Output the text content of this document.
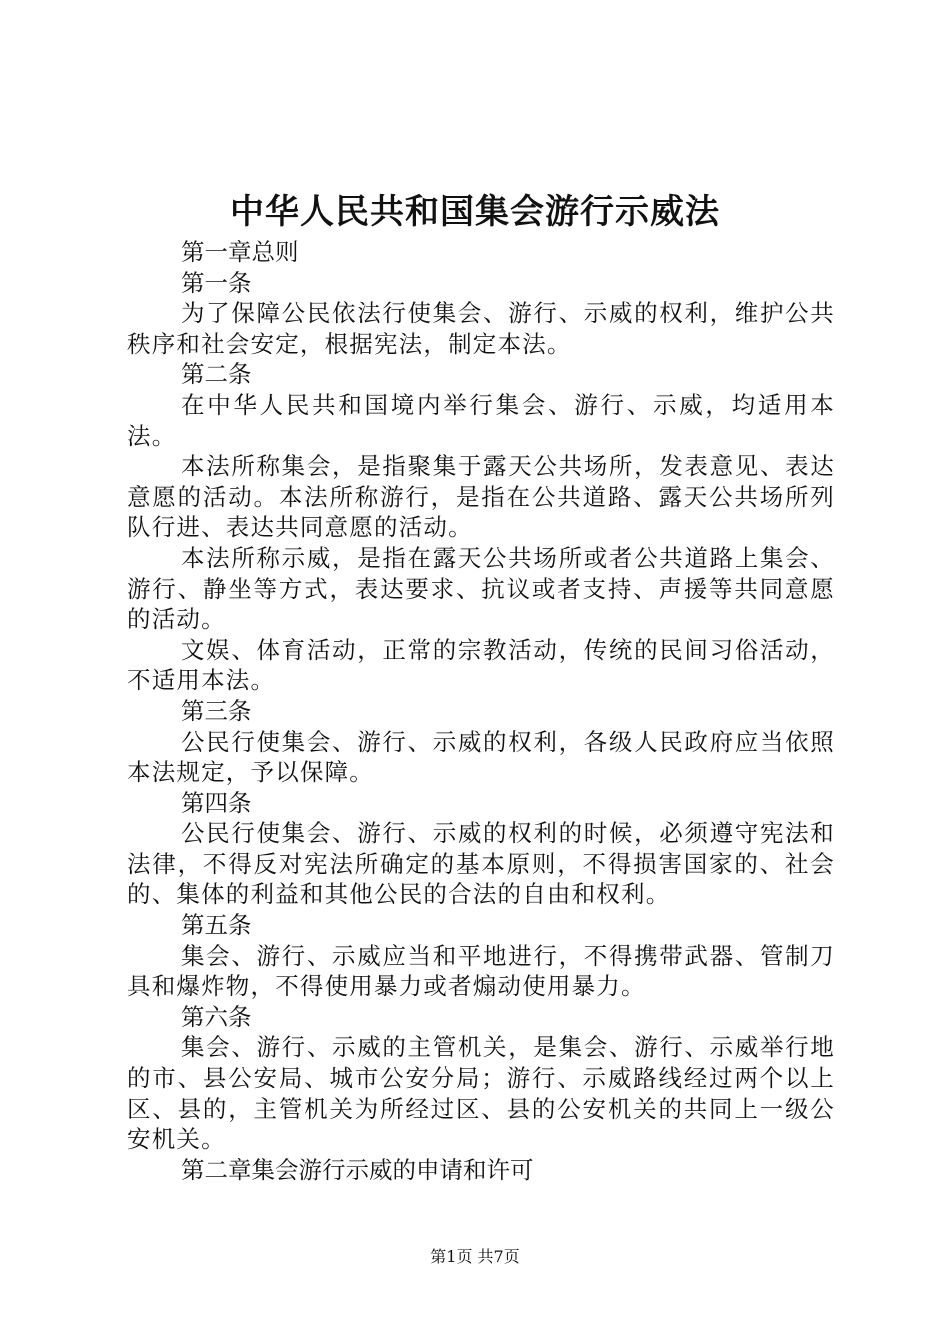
中华人民共和国集会游行示威法

第一章总则

第一条

为了保障公民依法行使集会、游行、示威的权利，维护公共秩序和社会安定，根据宪法，制定本法。

第二条

在中华人民共和国境内举行集会、游行、示威，均适用本法。

本法所称集会，是指聚集于露天公共场所，发表意见、表达意愿的活动。本法所称游行，是指在公共道路、露天公共场所列队行进、表达共同意愿的活动。

本法所称示威，是指在露天公共场所或者公共道路上集会、游行、静坐等方式，表达要求、抗议或者支持、声援等共同意愿的活动。

文娱、体育活动，正常的宗教活动，传统的民间习俗活动，不适用本法。

第三条

公民行使集会、游行、示威的权利，各级人民政府应当依照本法规定，予以保障。

第四条

公民行使集会、游行、示威的权利的时候，必须遵守宪法和法律，不得反对宪法所确定的基本原则，不得损害国家的、社会的、集体的利益和其他公民的合法的自由和权利。

第五条

集会、游行、示威应当和平地进行，不得携带武器、管制刀具和爆炸物，不得使用暴力或者煽动使用暴力。

第六条

集会、游行、示威的主管机关，是集会、游行、示威举行地的市、县公安局、城市公安分局；游行、示威路线经过两个以上区、县的，主管机关为所经过区、县的公安机关的共同上一级公安机关。

第二章集会游行示威的申请和许可

第1页 共7页
